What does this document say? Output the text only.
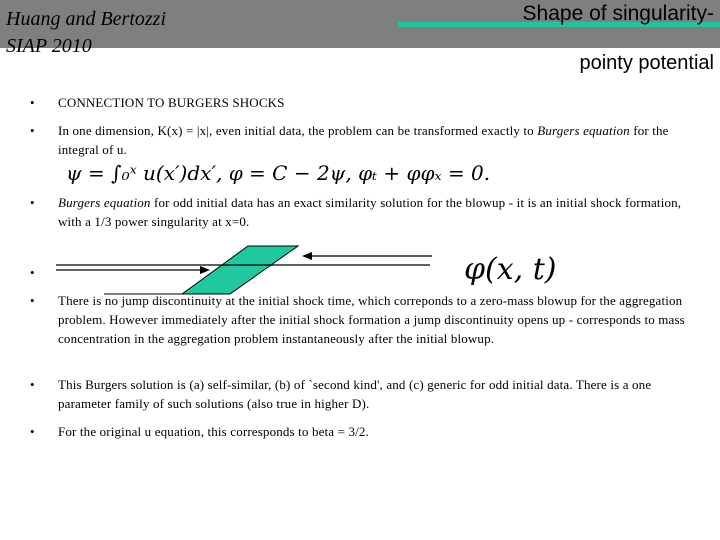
Huang and Bertozzi
SIAP 2010
Shape of singularity-
pointy potential
• CONNECTION TO BURGERS SHOCKS
• In one dimension, K(x) = |x|, even initial data, the problem can be transformed exactly to Burgers equation for the integral of u.
ψ = ∫₀ˣ u(x′)dx′, φ = C − 2ψ, φₜ + φφₓ = 0.
• Burgers equation for odd initial data has an exact similarity solution for the blowup - it is an initial shock formation, with a 1/3 power singularity at x=0.
•	φ(x, t)
• There is no jump discontinuity at the initial shock time, which correponds to a zero-mass blowup for the aggregation problem. However immediately after the initial shock formation a jump discontinuity opens up - corresponds to mass concentration in the aggregation problem instantaneously after the initial blowup.
• This Burgers solution is (a) self-similar, (b) of `second kind', and (c) generic for odd initial data. There is a one parameter family of such solutions (also true in higher D).
• For the original u equation, this corresponds to beta = 3/2.
